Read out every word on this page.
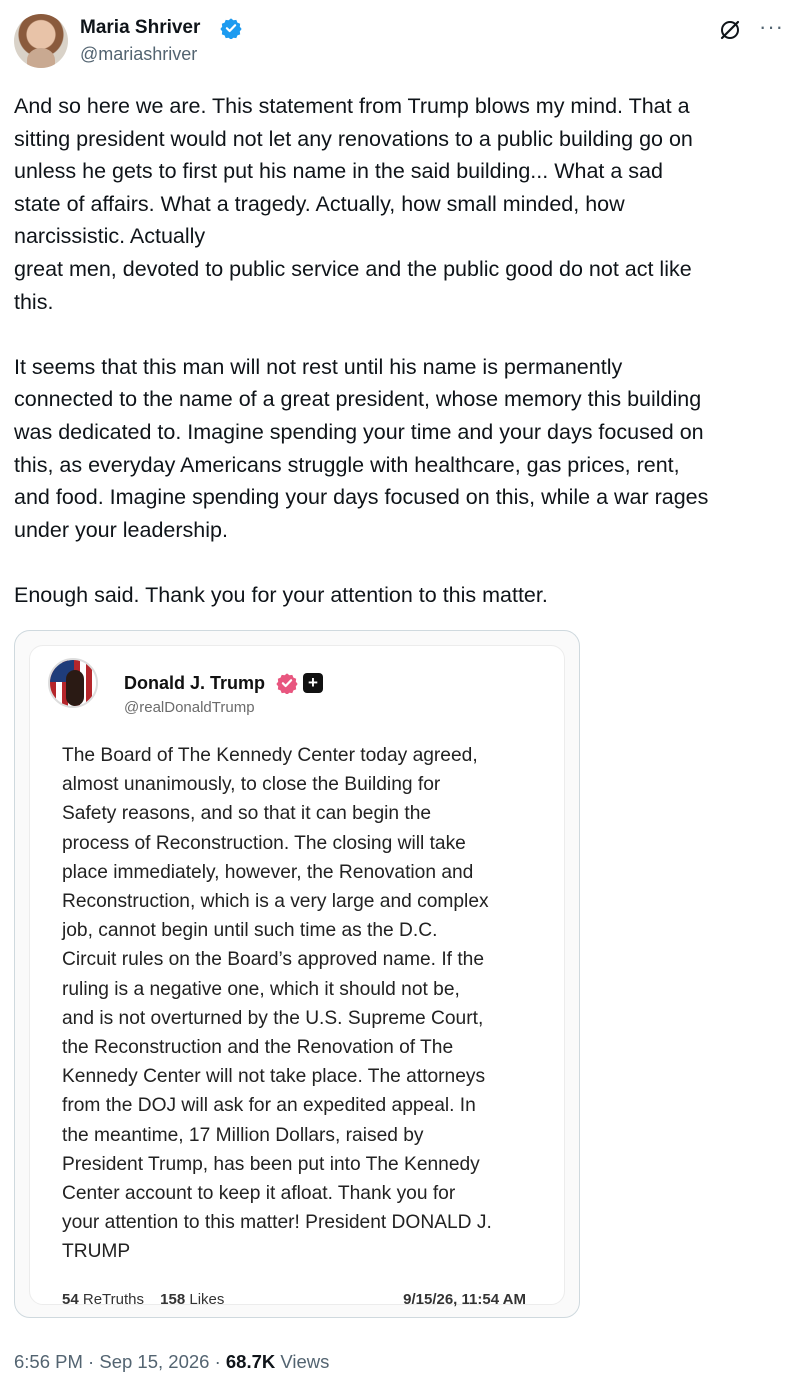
Maria Shriver
@mariashriver
···

And so here we are. This statement from Trump blows my mind. That a
sitting president would not let any renovations to a public building go on
unless he gets to first put his name in the said building... What a sad
state of affairs. What a tragedy. Actually, how small minded, how
narcissistic. Actually
great men, devoted to public service and the public good do not act like
this.

It seems that this man will not rest until his name is permanently
connected to the name of a great president, whose memory this building
was dedicated to. Imagine spending your time and your days focused on
this, as everyday Americans struggle with healthcare, gas prices, rent,
and food. Imagine spending your days focused on this, while a war rages
under your leadership.

Enough said. Thank you for your attention to this matter.

Donald J. Trump	+
@realDonaldTrump
The Board of The Kennedy Center today agreed,
almost unanimously, to close the Building for
Safety reasons, and so that it can begin the
process of Reconstruction. The closing will take
place immediately, however, the Renovation and
Reconstruction, which is a very large and complex
job, cannot begin until such time as the D.C.
Circuit rules on the Board’s approved name. If the
ruling is a negative one, which it should not be,
and is not overturned by the U.S. Supreme Court,
the Reconstruction and the Renovation of The
Kennedy Center will not take place. The attorneys
from the DOJ will ask for an expedited appeal. In
the meantime, 17 Million Dollars, raised by
President Trump, has been put into The Kennedy
Center account to keep it afloat. Thank you for
your attention to this matter! President DONALD J.
TRUMP
54 ReTruths 158 Likes	9/15/26, 11:54 AM
6:56 PM · Sep 15, 2026 · 68.7K Views
